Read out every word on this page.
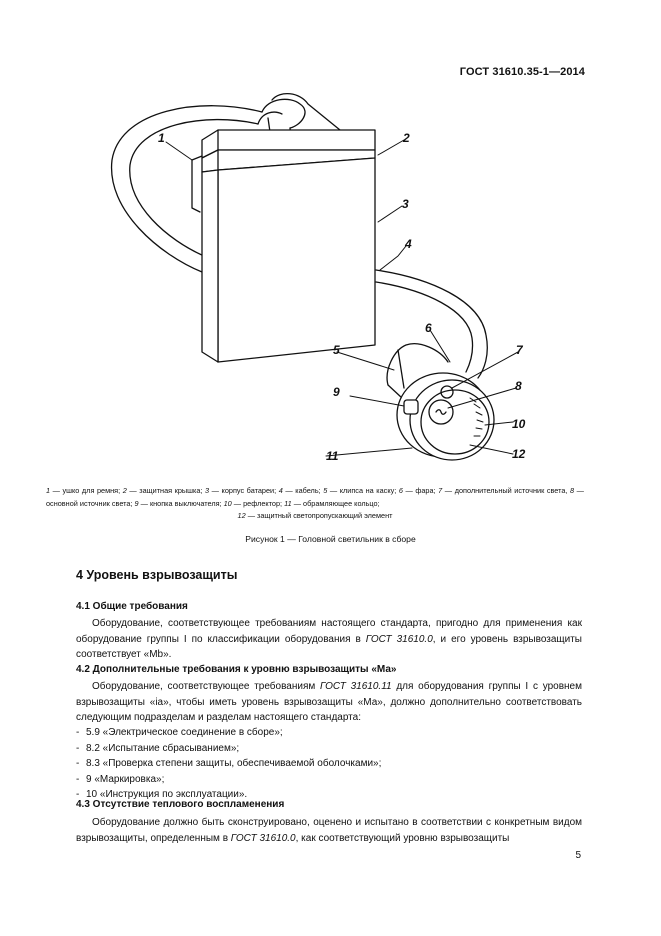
ГОСТ 31610.35-1—2014
1	2
3
4
5
6
7
8
9
10
11	12
1 — ушко для ремня; 2 — защитная крышка; 3 — корпус батареи; 4 — кабель; 5 — клипса на каску; 6 — фара; 7 — дополнительный источник света, 8 — основной источник света; 9 — кнопка выключателя; 10 — рефлектор; 11 — обрамляющее кольцо;
12 — защитный светопропускающий элемент
Рисунок 1 — Головной светильник в сборе
4 Уровень взрывозащиты
4.1 Общие требования
Оборудование, соответствующее требованиям настоящего стандарта, пригодно для применения как оборудование группы I по классификации оборудования в ГОСТ 31610.0, и его уровень взрывозащиты соответствует «Mb».
4.2 Дополнительные требования к уровню взрывозащиты «Ма»
Оборудование, соответствующее требованиям ГОСТ 31610.11 для оборудования группы I с уровнем взрывозащиты «ia», чтобы иметь уровень взрывозащиты «Ма», должно дополнительно соответствовать следующим подразделам и разделам настоящего стандарта:
- 5.9 «Электрическое соединение в сборе»;
- 8.2 «Испытание сбрасыванием»;
- 8.3 «Проверка степени защиты, обеспечиваемой оболочками»;
- 9 «Маркировка»;
- 10 «Инструкция по эксплуатации».
4.3 Отсутствие теплового воспламенения
Оборудование должно быть сконструировано, оценено и испытано в соответствии с конкретным видом взрывозащиты, определенным в ГОСТ 31610.0, как соответствующий уровню взрывозащиты
5
